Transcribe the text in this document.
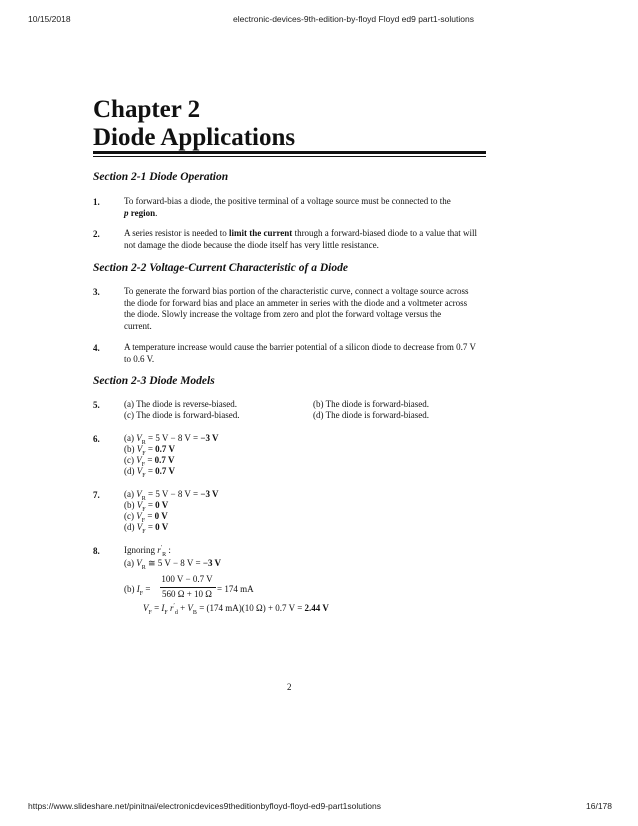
10/15/2018	electronic-devices-9th-edition-by-floyd Floyd ed9 part1-solutions
Chapter 2
Diode Applications
Section 2-1 Diode Operation
1.	To forward-bias a diode, the positive terminal of a voltage source must be connected to the
p region.
2.	A series resistor is needed to limit the current through a forward-biased diode to a value that will not damage the diode because the diode itself has very little resistance.
Section 2-2 Voltage-Current Characteristic of a Diode
3.	To generate the forward bias portion of the characteristic curve, connect a voltage source across the diode for forward bias and place an ammeter in series with the diode and a voltmeter across the diode. Slowly increase the voltage from zero and plot the forward voltage versus the current.
4.	A temperature increase would cause the barrier potential of a silicon diode to decrease from 0.7 V to 0.6 V.
Section 2-3 Diode Models
5.	(a) The diode is reverse-biased.	(b) The diode is forward-biased.
(c) The diode is forward-biased.	(d) The diode is forward-biased.
6.	(a) $V_R = 5$ V − 8 V = −3 V
(b) $V_F = 0.7$ V
(c) $V_F = 0.7$ V
(d) $V_F = 0.7$ V
7.	(a) $V_R = 5$ V − 8 V = −3 V
(b) $V_F = 0$ V
(c) $V_F = 0$ V
(d) $V_F = 0$ V
8.	Ignoring $r'_R$ :
(a) $V_R$ ≅ 5 V − 8 V = −3 V
(b) $I_F$ =
100 V − 0.7 V
560 Ω + 10 Ω = 174 mA
$V_F = I_F$ $r'_d + V_B = (174$ mA)(10 Ω) + 0.7 V = 2.44 V
2
https://www.slideshare.net/pinitnai/electronicdevices9theditionbyfloyd-floyd-ed9-part1solutions	16/178
